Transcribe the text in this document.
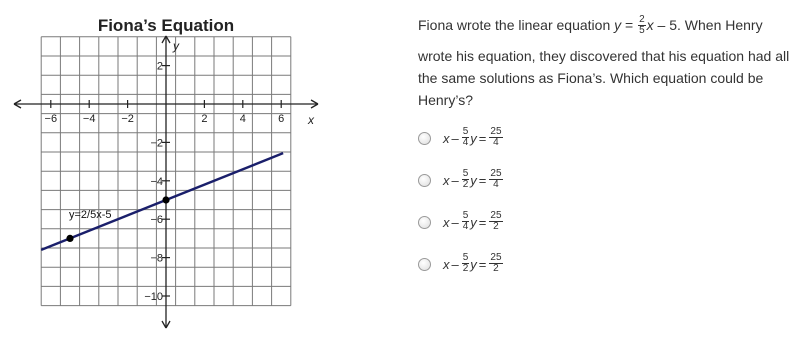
Fiona’s Equation
−6 −4 −2	2	4	6
2
−2
−4
−6
−8
−10
x
y
y=2/5x-5
Fiona wrote the linear equation $y = \frac{2}{5}$ x – 5. When Henry
wrote his equation, they discovered that his equation had all the same solutions as Fiona’s. Which equation could be Henry’s?
x – $\frac{5}{4}$ $y = \frac{25}{4}$
x – $\frac{5}{2}$ $y = \frac{25}{4}$
x – $\frac{5}{4}$ $y = \frac{25}{2}$
x – $\frac{5}{2}$ $y = \frac{25}{2}$
